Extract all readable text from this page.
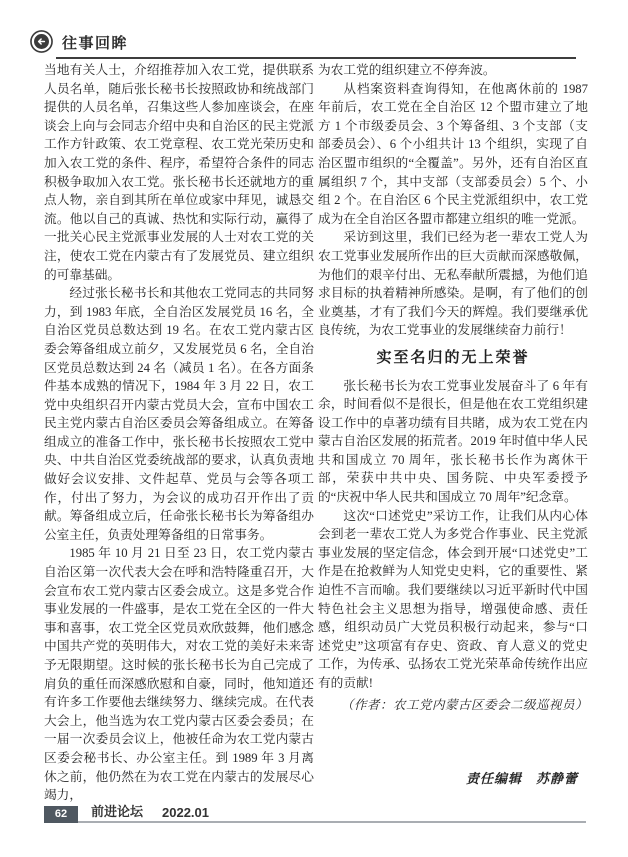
往事回眸

当地有关人士，介绍推荐加入农工党，提供联系人员名单，随后张长秘书长按照政协和统战部门提供的人员名单，召集这些人参加座谈会，在座谈会上向与会同志介绍中央和自治区的民主党派工作方针政策、农工党章程、农工党光荣历史和加入农工党的条件、程序，希望符合条件的同志积极争取加入农工党。张长秘书长还就地方的重点人物，亲自到其所在单位或家中拜见，诚恳交流。他以自己的真诚、热忱和实际行动，赢得了一批关心民主党派事业发展的人士对农工党的关注，使农工党在内蒙古有了发展党员、建立组织的可靠基础。

经过张长秘书长和其他农工党同志的共同努力，到 1983 年底，全自治区发展党员 16 名，全自治区党员总数达到 19 名。在农工党内蒙古区委会筹备组成立前夕，又发展党员 6 名，全自治区党员总数达到 24 名（减员 1 名）。在各方面条件基本成熟的情况下，1984 年 3 月 22 日，农工党中央组织召开内蒙古党员大会，宣布中国农工民主党内蒙古自治区委员会筹备组成立。在筹备组成立的准备工作中，张长秘书长按照农工党中央、中共自治区党委统战部的要求，认真负责地做好会议安排、文件起草、党员与会等各项工作，付出了努力，为会议的成功召开作出了贡献。筹备组成立后，任命张长秘书长为筹备组办公室主任，负责处理筹备组的日常事务。

1985 年 10 月 21 日至 23 日，农工党内蒙古自治区第一次代表大会在呼和浩特隆重召开，大会宣布农工党内蒙古区委会成立。这是多党合作事业发展的一件盛事，是农工党在全区的一件大事和喜事，农工党全区党员欢欣鼓舞，他们感念中国共产党的英明伟大，对农工党的美好未来寄予无限期望。这时候的张长秘书长为自己完成了肩负的重任而深感欣慰和自豪，同时，他知道还有许多工作要他去继续努力、继续完成。在代表大会上，他当选为农工党内蒙古区委会委员；在一届一次委员会议上，他被任命为农工党内蒙古区委会秘书长、办公室主任。到 1989 年 3 月离休之前，他仍然在为农工党在内蒙古的发展尽心竭力，

为农工党的组织建立不停奔波。

从档案资料查询得知，在他离休前的 1987 年前后，农工党在全自治区 12 个盟市建立了地方 1 个市级委员会、3 个筹备组、3 个支部（支部委员会）、6 个小组共计 13 个组织，实现了自治区盟市组织的“全覆盖”。另外，还有自治区直属组织 7 个，其中支部（支部委员会）5 个、小组 2 个。在自治区 6 个民主党派组织中，农工党成为在全自治区各盟市都建立组织的唯一党派。

采访到这里，我们已经为老一辈农工党人为农工党事业发展所作出的巨大贡献而深感敬佩，为他们的艰辛付出、无私奉献所震撼，为他们追求目标的执着精神所感染。是啊，有了他们的创业奠基，才有了我们今天的辉煌。我们要继承优良传统，为农工党事业的发展继续奋力前行！

实至名归的无上荣誉

张长秘书长为农工党事业发展奋斗了 6 年有余，时间看似不是很长，但是他在农工党组织建设工作中的卓著功绩有目共睹，成为农工党在内蒙古自治区发展的拓荒者。2019 年时值中华人民共和国成立 70 周年，张长秘书长作为离休干部，荣获中共中央、国务院、中央军委授予的“庆祝中华人民共和国成立 70 周年”纪念章。

这次“口述党史”采访工作，让我们从内心体会到老一辈农工党人为多党合作事业、民主党派事业发展的坚定信念，体会到开展“口述党史”工作是在抢救鲜为人知党史史料，它的重要性、紧迫性不言而喻。我们要继续以习近平新时代中国特色社会主义思想为指导，增强使命感、责任感，组织动员广大党员积极行动起来，参与“口述党史”这项富有存史、资政、育人意义的党史工作，为传承、弘扬农工党光荣革命传统作出应有的贡献!

（作者：农工党内蒙古区委会二级巡视员）

责任编辑　苏静蕾

62	前进论坛 2022.01
